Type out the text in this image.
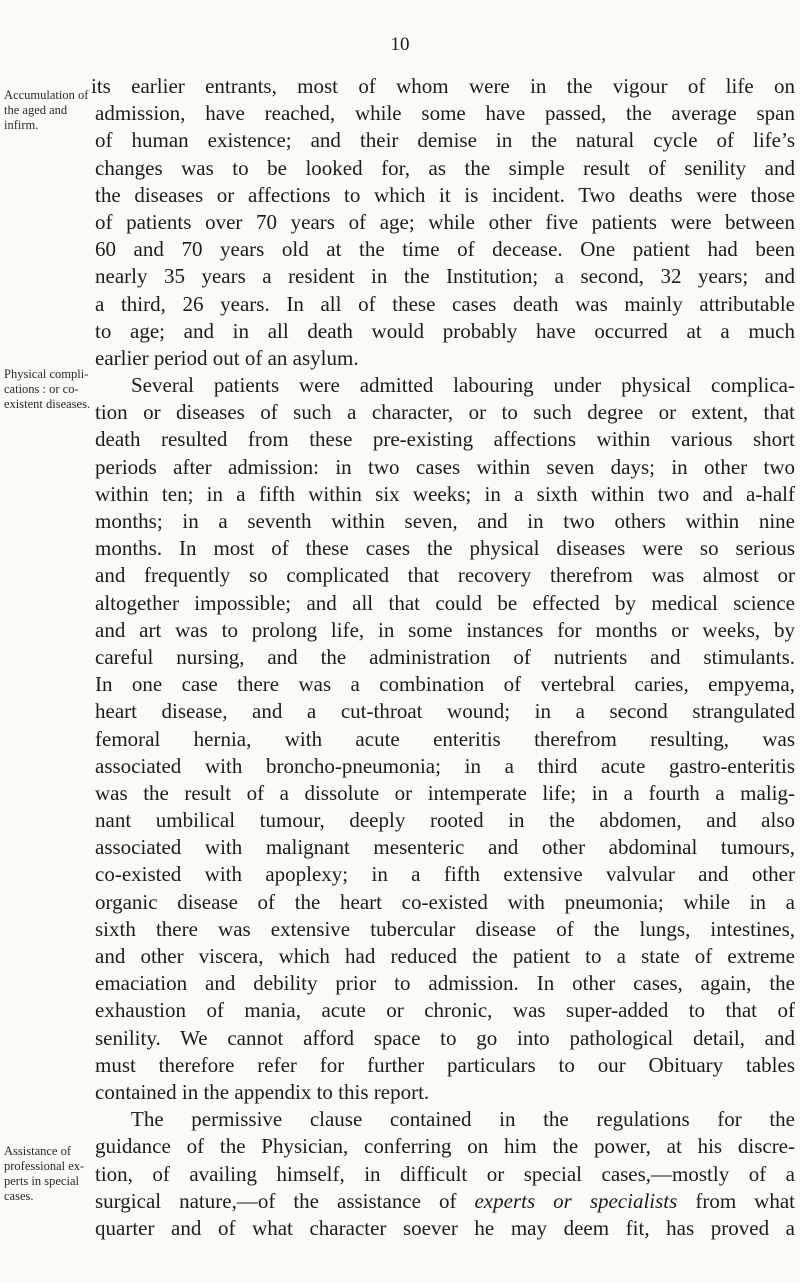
10
Accumulation of
the aged and
infirm.
Physical compli-
cations : or co-
existent diseases.
Assistance of
professional ex-
perts in special
cases.
its earlier entrants, most of whom were in the vigour of life on
admission, have reached, while some have passed, the average span
of human existence; and their demise in the natural cycle of life’s
changes was to be looked for, as the simple result of senility and
the diseases or affections to which it is incident. Two deaths were those
of patients over 70 years of age; while other five patients were between
60 and 70 years old at the time of decease. One patient had been
nearly 35 years a resident in the Institution; a second, 32 years; and
a third, 26 years. In all of these cases death was mainly attributable
to age; and in all death would probably have occurred at a much
earlier period out of an asylum.
Several patients were admitted labouring under physical complica-
tion or diseases of such a character, or to such degree or extent, that
death resulted from these pre-existing affections within various short
periods after admission: in two cases within seven days; in other two
within ten; in a fifth within six weeks; in a sixth within two and a-half
months; in a seventh within seven, and in two others within nine
months. In most of these cases the physical diseases were so serious
and frequently so complicated that recovery therefrom was almost or
altogether impossible; and all that could be effected by medical science
and art was to prolong life, in some instances for months or weeks, by
careful nursing, and the administration of nutrients and stimulants.
In one case there was a combination of vertebral caries, empyema,
heart disease, and a cut-throat wound; in a second strangulated
femoral hernia, with acute enteritis therefrom resulting, was
associated with broncho-pneumonia; in a third acute gastro-enteritis
was the result of a dissolute or intemperate life; in a fourth a malig-
nant umbilical tumour, deeply rooted in the abdomen, and also
associated with malignant mesenteric and other abdominal tumours,
co-existed with apoplexy; in a fifth extensive valvular and other
organic disease of the heart co-existed with pneumonia; while in a
sixth there was extensive tubercular disease of the lungs, intestines,
and other viscera, which had reduced the patient to a state of extreme
emaciation and debility prior to admission. In other cases, again, the
exhaustion of mania, acute or chronic, was super-added to that of
senility. We cannot afford space to go into pathological detail, and
must therefore refer for further particulars to our Obituary tables
contained in the appendix to this report.
The permissive clause contained in the regulations for the
guidance of the Physician, conferring on him the power, at his discre-
tion, of availing himself, in difficult or special cases,—mostly of a
surgical nature,—of the assistance of experts or specialists from what
quarter and of what character soever he may deem fit, has proved a
